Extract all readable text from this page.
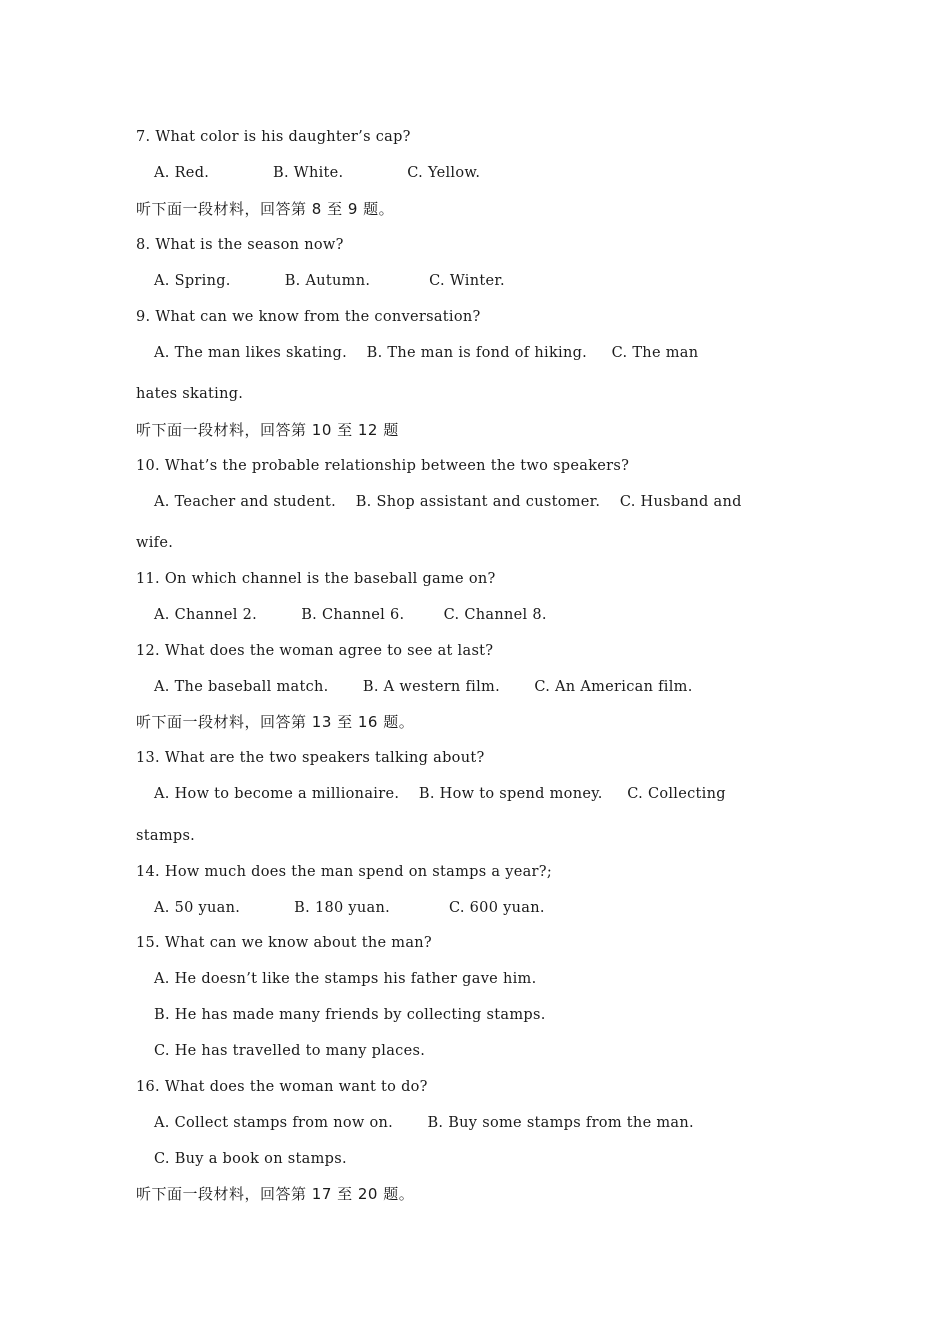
7. What color is his daughter’s cap?
A. Red.             B. White.             C. Yellow.
听下面一段材料，回答第 8 至 9 题。
8. What is the season now?
A. Spring.           B. Autumn.            C. Winter.
9. What can we know from the conversation?
A. The man likes skating.    B. The man is fond of hiking.     C. The man
hates skating.
听下面一段材料，回答第 10 至 12 题
10. What’s the probable relationship between the two speakers?
A. Teacher and student.    B. Shop assistant and customer.    C. Husband and
wife.
11. On which channel is the baseball game on?
A. Channel 2.         B. Channel 6.        C. Channel 8.
12. What does the woman agree to see at last?
A. The baseball match.       B. A western film.       C. An American film.
听下面一段材料，回答第 13 至 16 题。
13. What are the two speakers talking about?
A. How to become a millionaire.    B. How to spend money.     C. Collecting
stamps.
14. How much does the man spend on stamps a year?;
A. 50 yuan.           B. 180 yuan.            C. 600 yuan.
15. What can we know about the man?
A. He doesn’t like the stamps his father gave him.
B. He has made many friends by collecting stamps.
C. He has travelled to many places.
16. What does the woman want to do?
A. Collect stamps from now on.       B. Buy some stamps from the man.
C. Buy a book on stamps.
听下面一段材料，回答第 17 至 20 题。
